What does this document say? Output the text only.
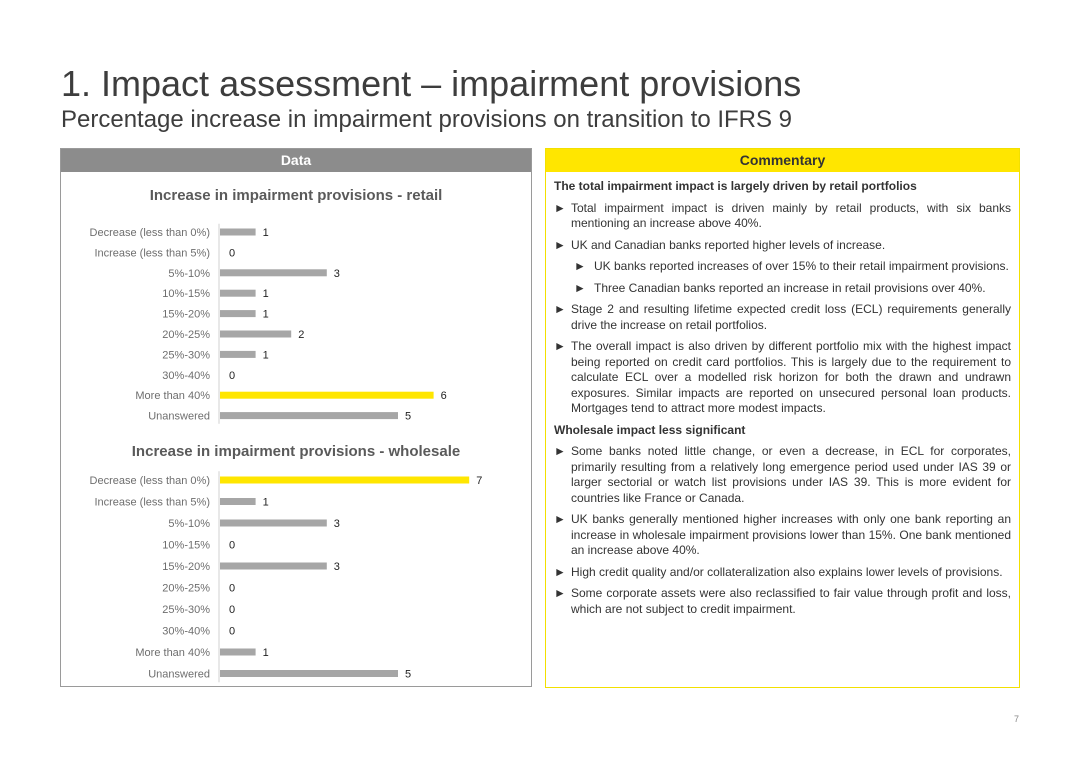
1. Impact assessment – impairment provisions
Percentage increase in impairment provisions on transition to IFRS 9
Data
Increase in impairment provisions - retail
Decrease (less than 0%)	1
Increase (less than 5%) 0
5%-10%	3
10%-15%	1
15%-20%	1
20%-25%	2
25%-30%	1
30%-40% 0
More than 40%	6
Unanswered	5
Increase in impairment provisions - wholesale
Decrease (less than 0%)	7
Increase (less than 5%)	1
5%-10%	3
10%-15% 0
15%-20%	3
20%-25% 0
25%-30% 0
30%-40% 0
More than 40%	1
Unanswered	5
Commentary
The total impairment impact is largely driven by retail portfolios
► Total impairment impact is driven mainly by retail products, with six banks mentioning an increase above 40%.
► UK and Canadian banks reported higher levels of increase.
► UK banks reported increases of over 15% to their retail impairment provisions.
► Three Canadian banks reported an increase in retail provisions over 40%.
► Stage 2 and resulting lifetime expected credit loss (ECL) requirements generally drive the increase on retail portfolios.
► The overall impact is also driven by different portfolio mix with the highest impact being reported on credit card portfolios. This is largely due to the requirement to calculate ECL over a modelled risk horizon for both the drawn and undrawn exposures. Similar impacts are reported on unsecured personal loan products. Mortgages tend to attract more modest impacts.
Wholesale impact less significant
► Some banks noted little change, or even a decrease, in ECL for corporates, primarily resulting from a relatively long emergence period used under IAS 39 or larger sectorial or watch list provisions under IAS 39. This is more evident for countries like France or Canada.
► UK banks generally mentioned higher increases with only one bank reporting an increase in wholesale impairment provisions lower than 15%. One bank mentioned an increase above 40%.
► High credit quality and/or collateralization also explains lower levels of provisions.
► Some corporate assets were also reclassified to fair value through profit and loss, which are not subject to credit impairment.
7
